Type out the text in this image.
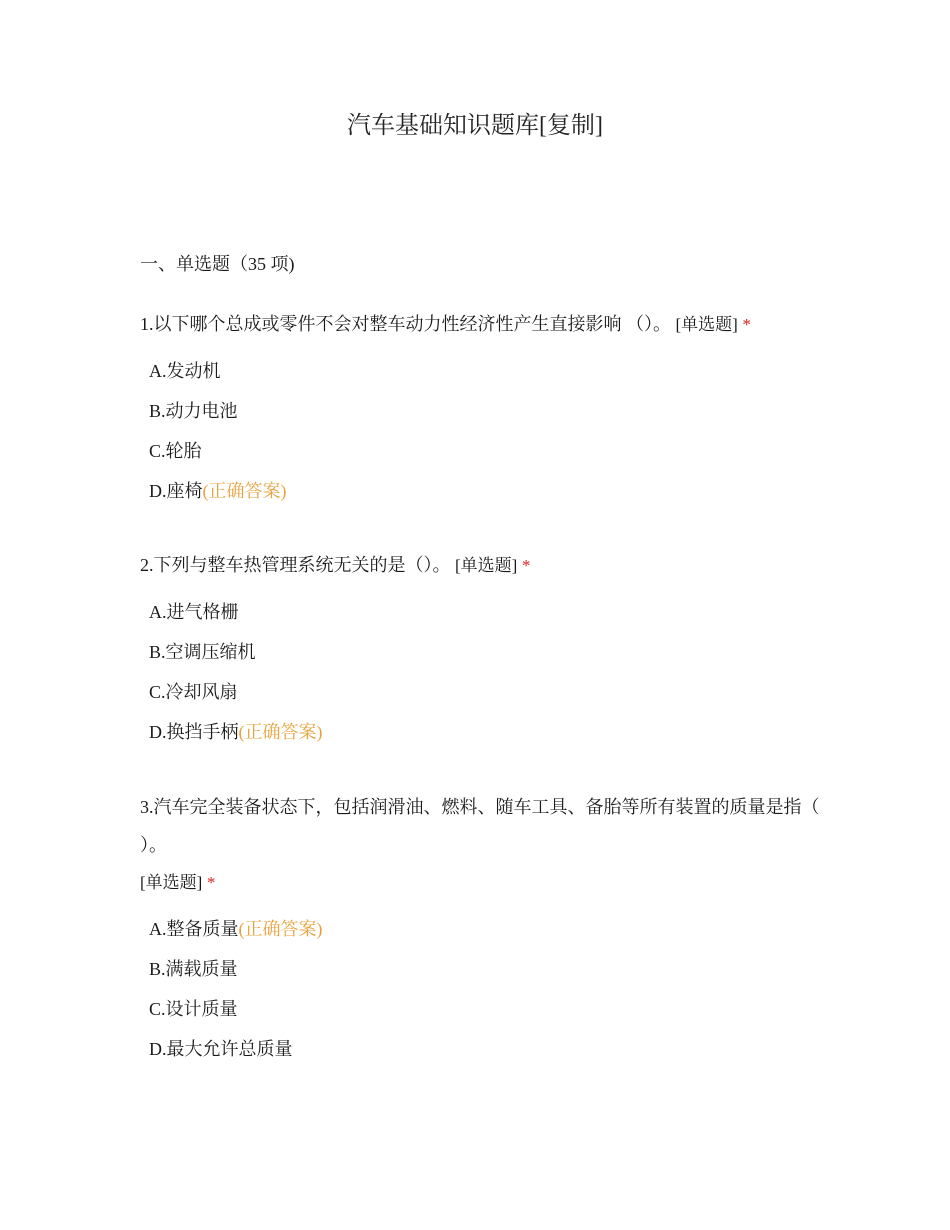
汽车基础知识题库[复制]
一、单选题（35 项)
1.以下哪个总成或零件不会对整车动力性经济性产生直接影响 （）。 [单选题] *
A.发动机
B.动力电池
C.轮胎
D.座椅(正确答案)
2.下列与整车热管理系统无关的是（）。 [单选题] *
A.进气格栅
B.空调压缩机
C.冷却风扇
D.换挡手柄(正确答案)
3.汽车完全装备状态下，包括润滑油、燃料、随车工具、备胎等所有装置的质量是指（ ）。
[单选题] *
A.整备质量(正确答案)
B.满载质量
C.设计质量
D.最大允许总质量
